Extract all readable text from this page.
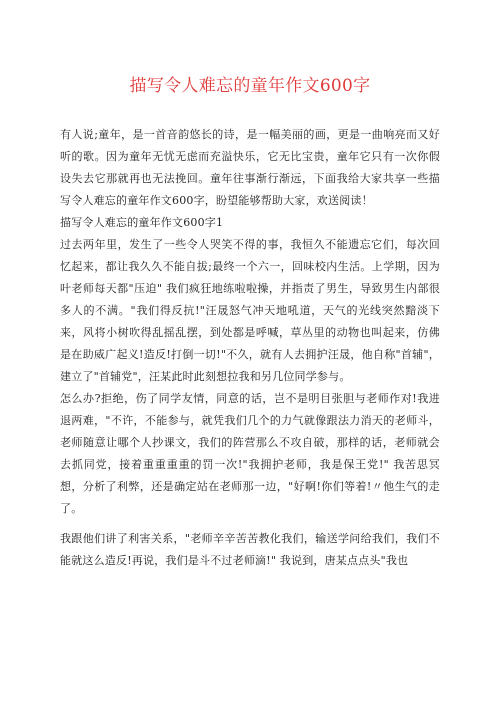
描写令人难忘的童年作文600字

有人说;童年，是一首音韵悠长的诗，是一幅美丽的画，更是一曲响亮而又好听的歌。因为童年无忧无虑而充溢快乐，它无比宝贵，童年它只有一次你假设失去它那就再也无法挽回。童年往事渐行渐远，下面我给大家共享一些描写令人难忘的童年作文600字，盼望能够帮助大家，欢送阅读！

描写令人难忘的童年作文600字1

过去两年里，发生了一些令人哭笑不得的事，我恒久不能遗忘它们，每次回忆起来，都让我久久不能自拔;最终一个六一，回味校内生活。上学期，因为叶老师每天都"压迫" 我们疯狂地练啦啦操，并指责了男生，导致男生内部很多人的不满。"我们得反抗!"汪晟怒气冲天地吼道，天气的光线突然黯淡下来，风将小树吹得乱摇乱摆，到处都是呼喊，草丛里的动物也叫起来，仿佛是在助威广起义!造反!打倒一切!"不久，就有人去拥护汪晟，他自称"首辅"，建立了"首辅党"，汪某此时此刻想拉我和另几位同学参与。

怎么办?拒绝，伤了同学友情，同意的话，岂不是明目张胆与老师作对!我进退两难，"不许，不能参与，就凭我们几个的力气就像跟法力消天的老师斗，老师随意让哪个人抄课文，我们的阵营那么不攻自破，那样的话，老师就会去抓同党，接着重重重重的罚一次!"我拥护老师，我是保王党!" 我苦思冥想，分析了利弊，还是确定站在老师那一边，"好啊!你们等着!〃他生气的走了。

我跟他们讲了利害关系，"老师辛辛苦苦教化我们，输送学问给我们，我们不能就这么造反!再说，我们是斗不过老师滴!" 我说到，唐某点点头"我也
